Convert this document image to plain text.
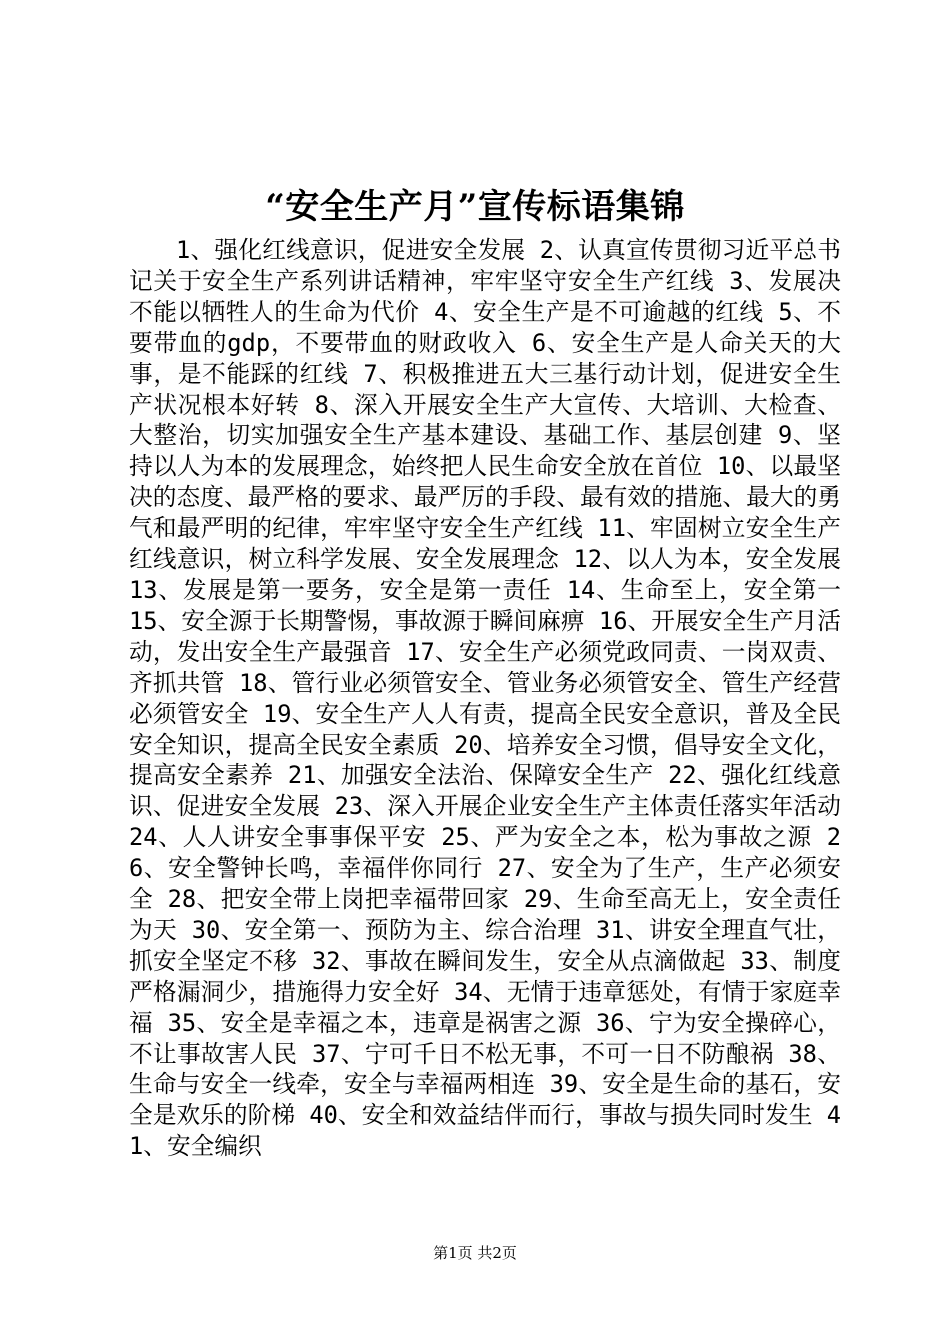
“安全生产月”宣传标语集锦

1、强化红线意识，促进安全发展 2、认真宣传贯彻习近平总书记关于安全生产系列讲话精神，牢牢坚守安全生产红线 3、发展决不能以牺牲人的生命为代价 4、安全生产是不可逾越的红线 5、不要带血的gdp，不要带血的财政收入 6、安全生产是人命关天的大事，是不能踩的红线 7、积极推进五大三基行动计划，促进安全生产状况根本好转 8、深入开展安全生产大宣传、大培训、大检查、大整治，切实加强安全生产基本建设、基础工作、基层创建 9、坚持以人为本的发展理念，始终把人民生命安全放在首位 10、以最坚决的态度、最严格的要求、最严厉的手段、最有效的措施、最大的勇气和最严明的纪律，牢牢坚守安全生产红线 11、牢固树立安全生产红线意识，树立科学发展、安全发展理念 12、以人为本，安全发展 13、发展是第一要务，安全是第一责任 14、生命至上，安全第一 15、安全源于长期警惕，事故源于瞬间麻痹 16、开展安全生产月活动，发出安全生产最强音 17、安全生产必须党政同责、一岗双责、齐抓共管 18、管行业必须管安全、管业务必须管安全、管生产经营必须管安全 19、安全生产人人有责，提高全民安全意识，普及全民安全知识，提高全民安全素质 20、培养安全习惯，倡导安全文化，提高安全素养 21、加强安全法治、保障安全生产 22、强化红线意识、促进安全发展 23、深入开展企业安全生产主体责任落实年活动 24、人人讲安全事事保平安 25、严为安全之本，松为事故之源 26、安全警钟长鸣，幸福伴你同行 27、安全为了生产，生产必须安全 28、把安全带上岗把幸福带回家 29、生命至高无上，安全责任为天 30、安全第一、预防为主、综合治理 31、讲安全理直气壮，抓安全坚定不移 32、事故在瞬间发生，安全从点滴做起 33、制度严格漏洞少，措施得力安全好 34、无情于违章惩处，有情于家庭幸福 35、安全是幸福之本，违章是祸害之源 36、宁为安全操碎心，不让事故害人民 37、宁可千日不松无事，不可一日不防酿祸 38、生命与安全一线牵，安全与幸福两相连 39、安全是生命的基石，安全是欢乐的阶梯 40、安全和效益结伴而行，事故与损失同时发生 41、安全编织

第1页 共2页
